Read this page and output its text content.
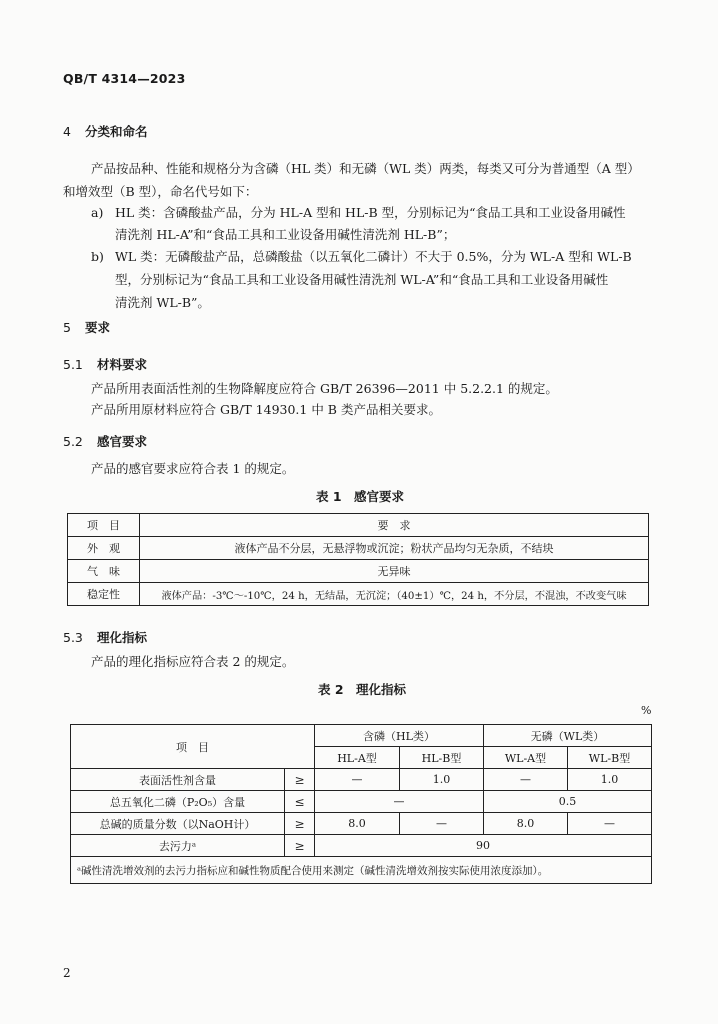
QB/T 4314—2023
4 分类和命名
产品按品种、性能和规格分为含磷（HL 类）和无磷（WL 类）两类，每类又可分为普通型（A 型）
和增效型（B 型），命名代号如下：
a) HL 类：含磷酸盐产品，分为 HL-A 型和 HL-B 型，分别标记为“食品工具和工业设备用碱性
清洗剂 HL-A”和“食品工具和工业设备用碱性清洗剂 HL-B”；
b) WL 类：无磷酸盐产品，总磷酸盐（以五氧化二磷计）不大于 0.5%，分为 WL-A 型和 WL-B
型，分别标记为“食品工具和工业设备用碱性清洗剂 WL-A”和“食品工具和工业设备用碱性
清洗剂 WL-B”。
5 要求
5.1 材料要求
产品所用表面活性剂的生物降解度应符合 GB/T 26396—2011 中 5.2.2.1 的规定。
产品所用原材料应符合 GB/T 14930.1 中 B 类产品相关要求。
5.2 感官要求
产品的感官要求应符合表 1 的规定。
表 1　感官要求
项　目	要　求
外　观	液体产品不分层，无悬浮物或沉淀；粉状产品均匀无杂质，不结块
气　味	无异味
稳定性	液体产品：-3℃～-10℃，24 h，无结晶，无沉淀；（40±1）℃，24 h，不分层，不混浊，不改变气味
5.3 理化指标
产品的理化指标应符合表 2 的规定。
表 2　理化指标
%
项　目		含磷（HL类）		无磷（WL类）	
		HL-A型	HL-B型	WL-A型	WL-B型
表面活性剂含量	≥	—	1.0	—	1.0
总五氧化二磷（P₂O₅）含量	≤	—		0.5	
总碱的质量分数（以NaOH计）	≥	8.0	—	8.0	—
去污力ᵃ	≥	90			
ᵃ碱性清洗增效剂的去污力指标应和碱性物质配合使用来测定（碱性清洗增效剂按实际使用浓度添加）。					
2
